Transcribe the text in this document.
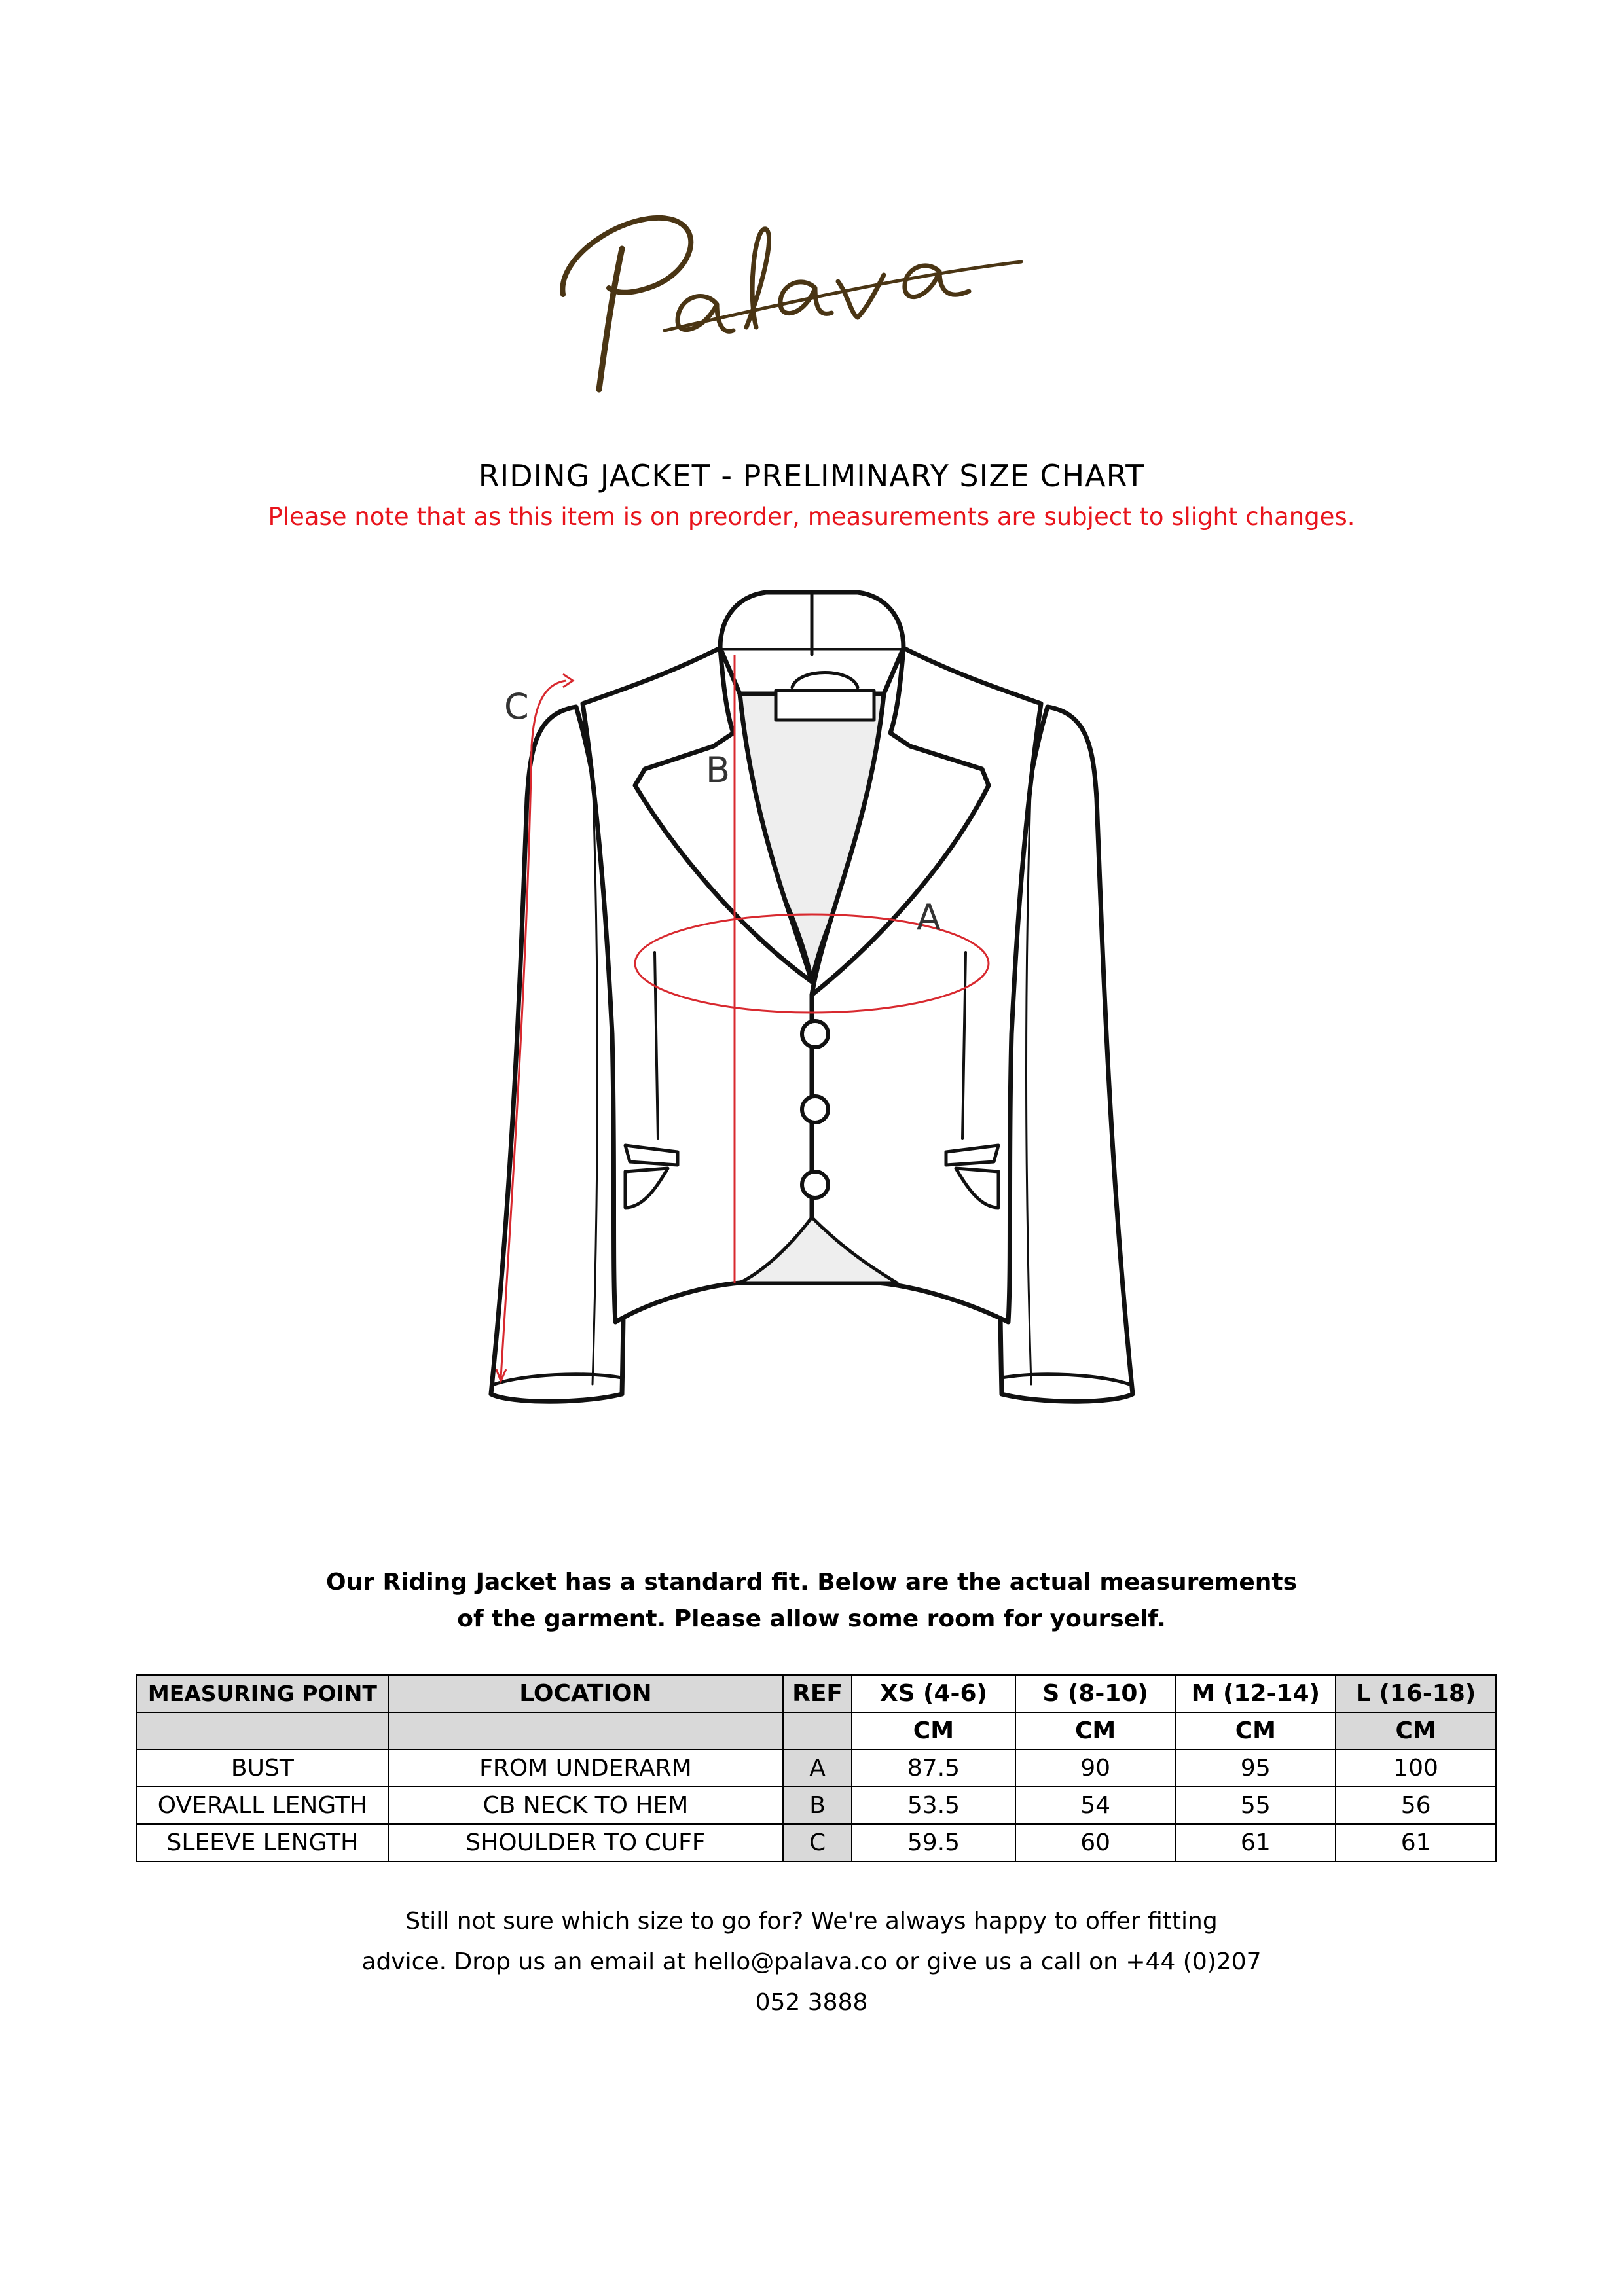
RIDING JACKET - PRELIMINARY SIZE CHART
Please note that as this item is on preorder, measurements are subject to slight changes.
A
B
C
Our Riding Jacket has a standard fit. Below are the actual measurements
of the garment. Please allow some room for yourself.
MEASURING POINT	LOCATION	REF	XS (4-6)	S (8-10)	M (12-14)	L (16-18)
			CM	CM	CM	CM
BUST	FROM UNDERARM	A	87.5	90	95	100
OVERALL LENGTH	CB NECK TO HEM	B	53.5	54	55	56
SLEEVE LENGTH	SHOULDER TO CUFF	C	59.5	60	61	61

Still not sure which size to go for? We're always happy to offer fitting

advice. Drop us an email at hello@palava.co or give us a call on +44 (0)207

052 3888
